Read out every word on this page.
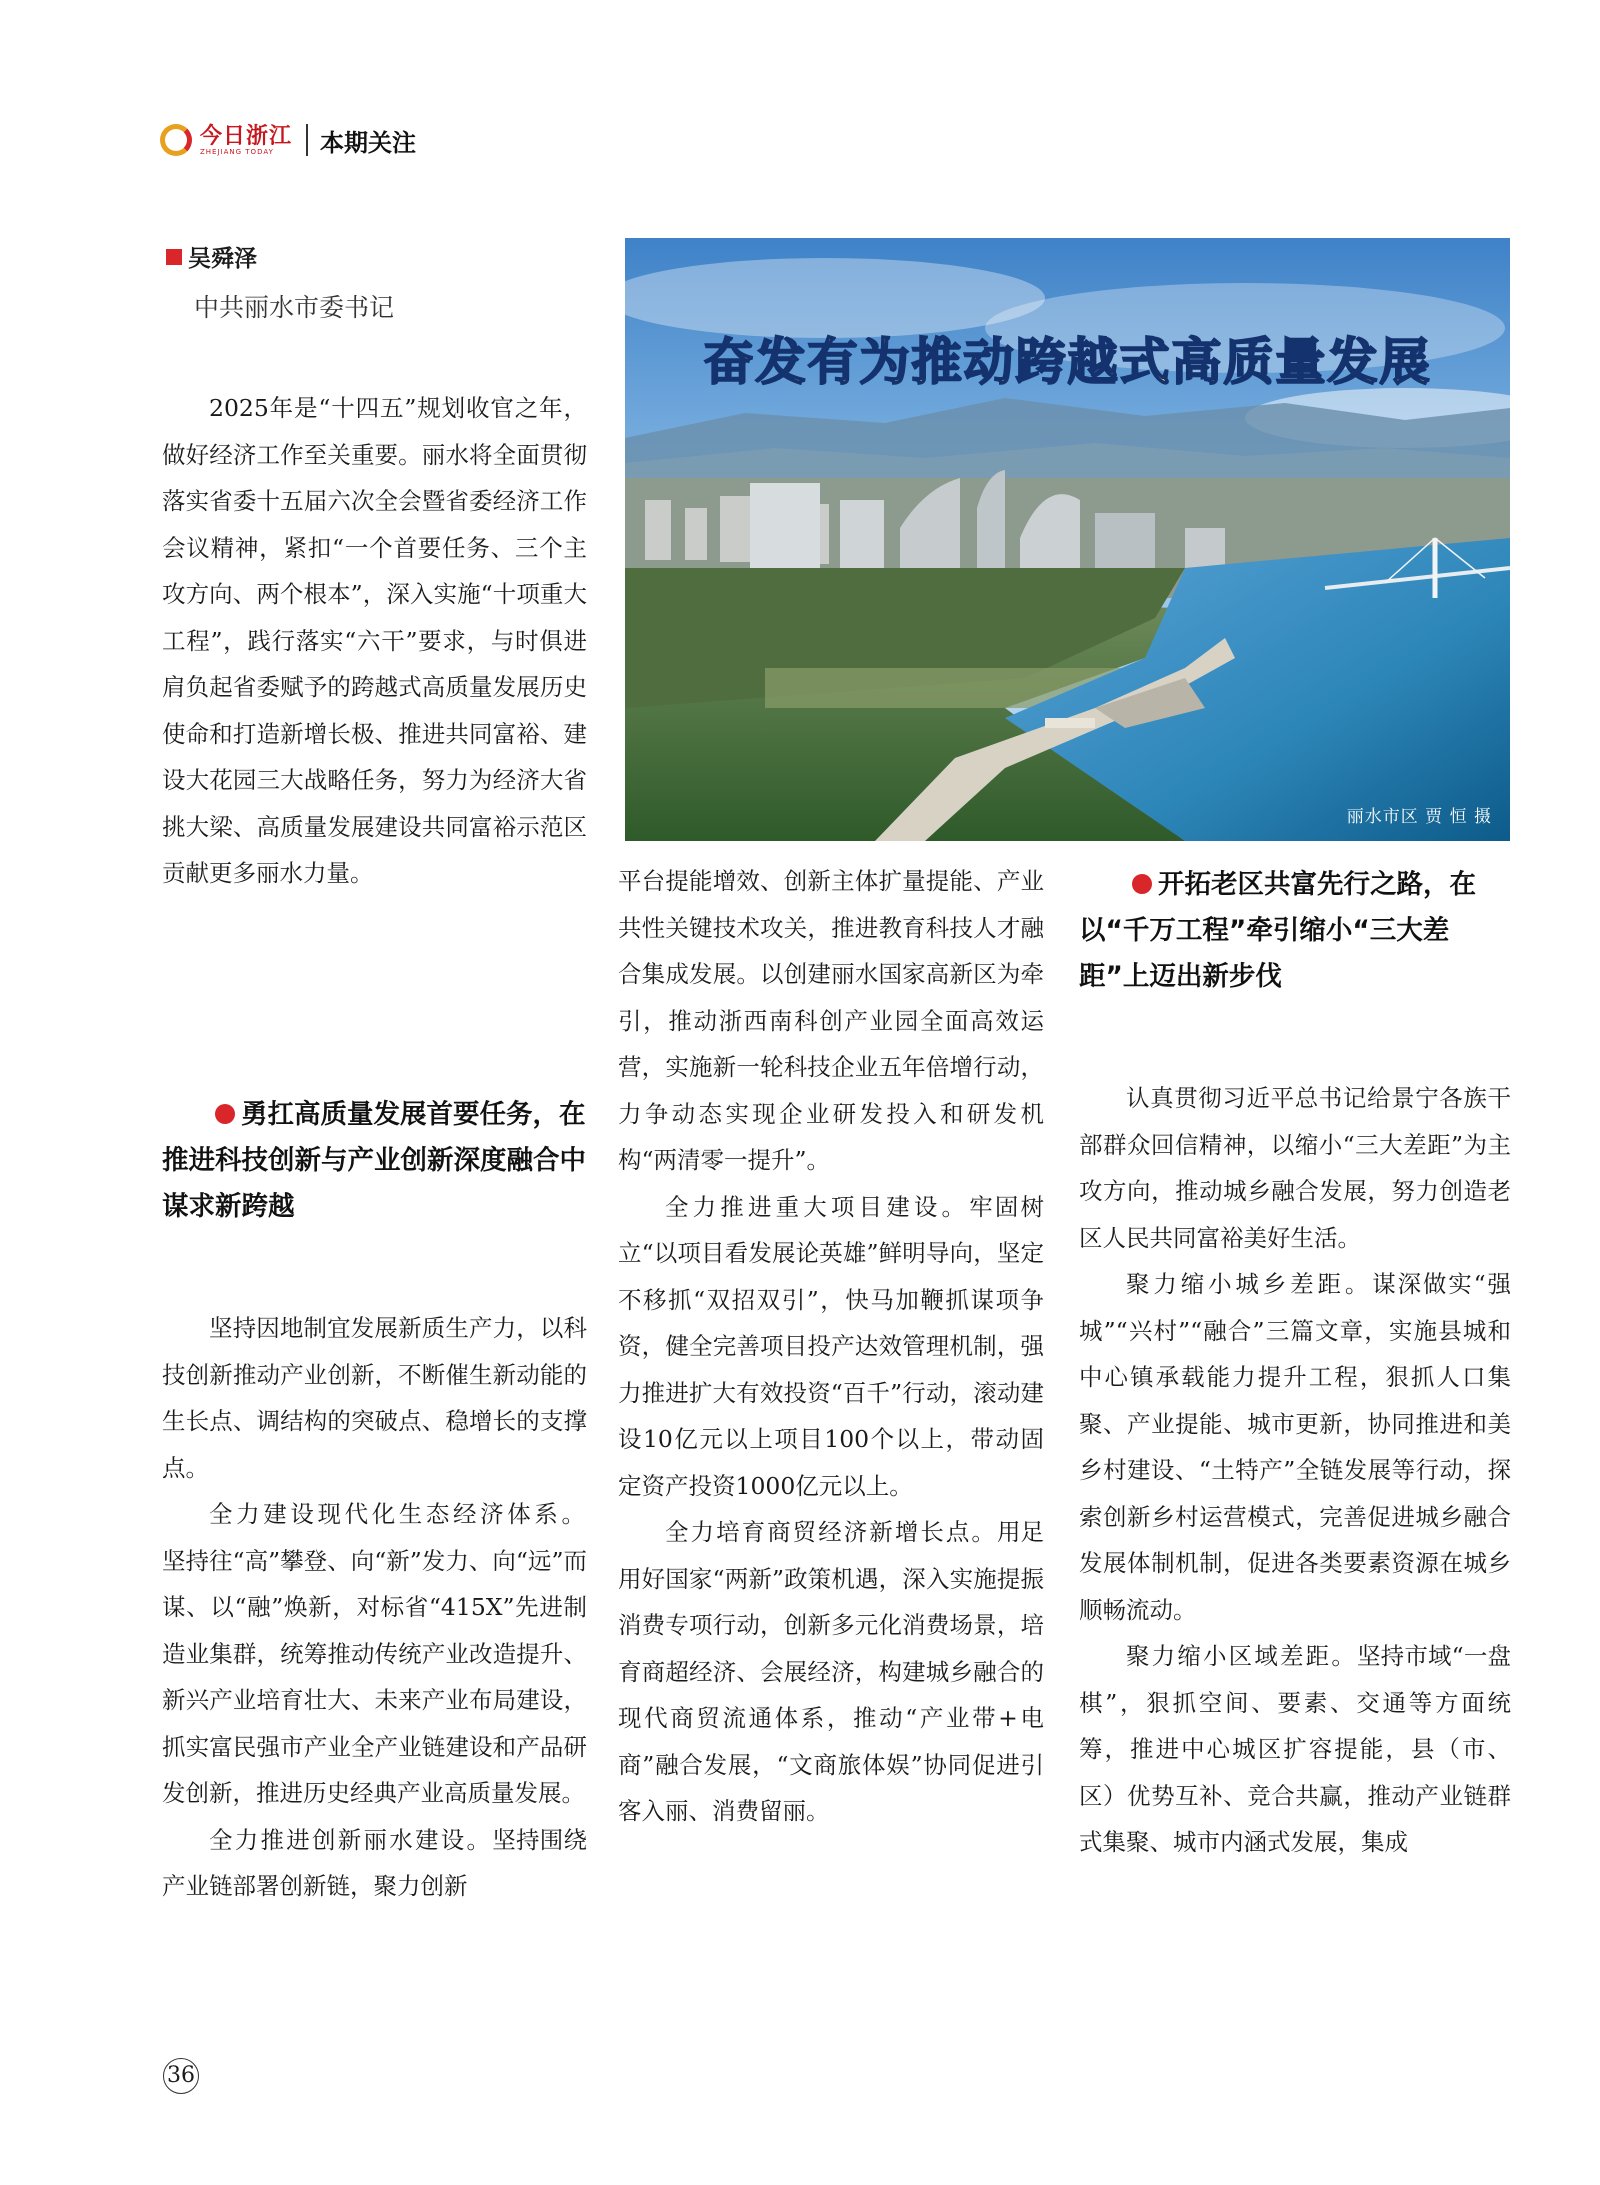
今日浙江
ZHEJIANG TODAY	本期关注
吴舜泽
中共丽水市委书记

2025年是“十四五”规划收官之年，做好经济工作至关重要。丽水将全面贯彻落实省委十五届六次全会暨省委经济工作会议精神，紧扣“一个首要任务、三个主攻方向、两个根本”，深入实施“十项重大工程”，践行落实“六干”要求，与时俱进肩负起省委赋予的跨越式高质量发展历史使命和打造新增长极、推进共同富裕、建设大花园三大战略任务，努力为经济大省挑大梁、高质量发展建设共同富裕示范区贡献更多丽水力量。

勇扛高质量发展首要任务，在推进科技创新与产业创新深度融合中谋求新跨越

坚持因地制宜发展新质生产力，以科技创新推动产业创新，不断催生新动能的生长点、调结构的突破点、稳增长的支撑点。

全力建设现代化生态经济体系。坚持往“高”攀登、向“新”发力、向“远”而谋、以“融”焕新，对标省“415X”先进制造业集群，统筹推动传统产业改造提升、新兴产业培育壮大、未来产业布局建设，抓实富民强市产业全产业链建设和产品研发创新，推进历史经典产业高质量发展。

全力推进创新丽水建设。坚持围绕产业链部署创新链，聚力创新

奋发有为推动跨越式高质量发展
丽水市区 贾 恒 摄

平台提能增效、创新主体扩量提能、产业共性关键技术攻关，推进教育科技人才融合集成发展。以创建丽水国家高新区为牵引，推动浙西南科创产业园全面高效运营，实施新一轮科技企业五年倍增行动，力争动态实现企业研发投入和研发机构“两清零一提升”。

全力推进重大项目建设。牢固树立“以项目看发展论英雄”鲜明导向，坚定不移抓“双招双引”，快马加鞭抓谋项争资，健全完善项目投产达效管理机制，强力推进扩大有效投资“百千”行动，滚动建设10亿元以上项目100个以上，带动固定资产投资1000亿元以上。

全力培育商贸经济新增长点。用足用好国家“两新”政策机遇，深入实施提振消费专项行动，创新多元化消费场景，培育商超经济、会展经济，构建城乡融合的现代商贸流通体系，推动“产业带+电商”融合发展，“文商旅体娱”协同促进引客入丽、消费留丽。

开拓老区共富先行之路，在以“千万工程”牵引缩小“三大差距”上迈出新步伐

认真贯彻习近平总书记给景宁各族干部群众回信精神，以缩小“三大差距”为主攻方向，推动城乡融合发展，努力创造老区人民共同富裕美好生活。

聚力缩小城乡差距。谋深做实“强城”“兴村”“融合”三篇文章，实施县城和中心镇承载能力提升工程，狠抓人口集聚、产业提能、城市更新，协同推进和美乡村建设、“土特产”全链发展等行动，探索创新乡村运营模式，完善促进城乡融合发展体制机制，促进各类要素资源在城乡顺畅流动。

聚力缩小区域差距。坚持市域“一盘棋”，狠抓空间、要素、交通等方面统筹，推进中心城区扩容提能，县（市、区）优势互补、竞合共赢，推动产业链群式集聚、城市内涵式发展，集成

36
